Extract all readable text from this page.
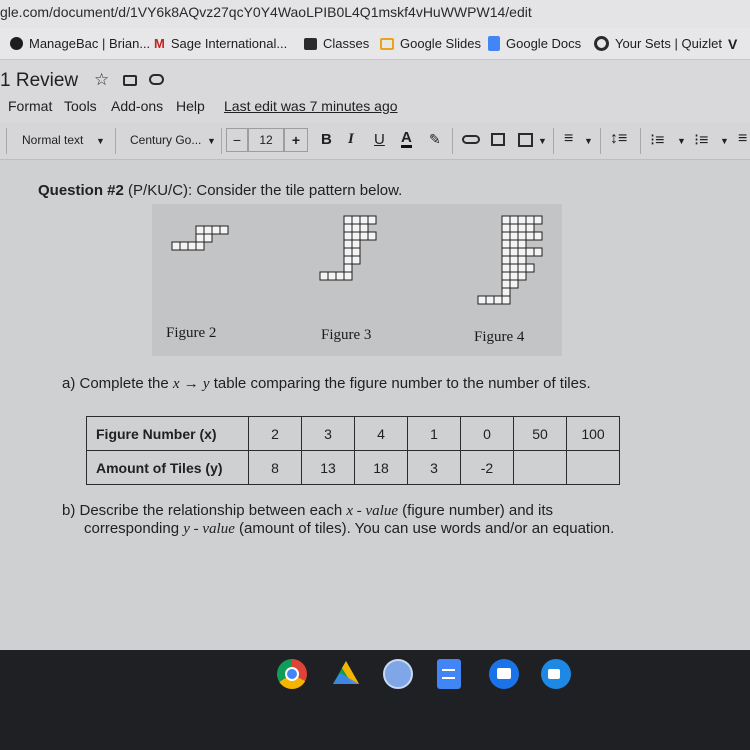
gle.com/document/d/1VY6k8AQvz27qcY0Y4WaoLPIB0L4Q1mskf4vHuWWPW14/edit
ManageBac | Brian... M Sage International...	Classes Google Slides Google Docs	Your Sets | Quizlet V
1 Review ☆
Format Tools Add-ons Help Last edit was 7 minutes ago
Normal text ▼ Century Go... ▼	−	12	+	B I U A ✎	▼ ≡ ▼ ↕≡ ⁝≡ ▼ ⁝≡ ▼ ≡
Question #2 (P/KU/C): Consider the tile pattern below.
Figure 2	Figure 3	Figure 4
a) Complete the x → y table comparing the figure number to the number of tiles.
Figure Number (x)	2	3	4	1	0	50	100
Amount of Tiles (y)	8	13	18	3	-2		
b) Describe the relationship between each x - value (figure number) and its
corresponding y - value (amount of tiles). You can use words and/or an equation.
